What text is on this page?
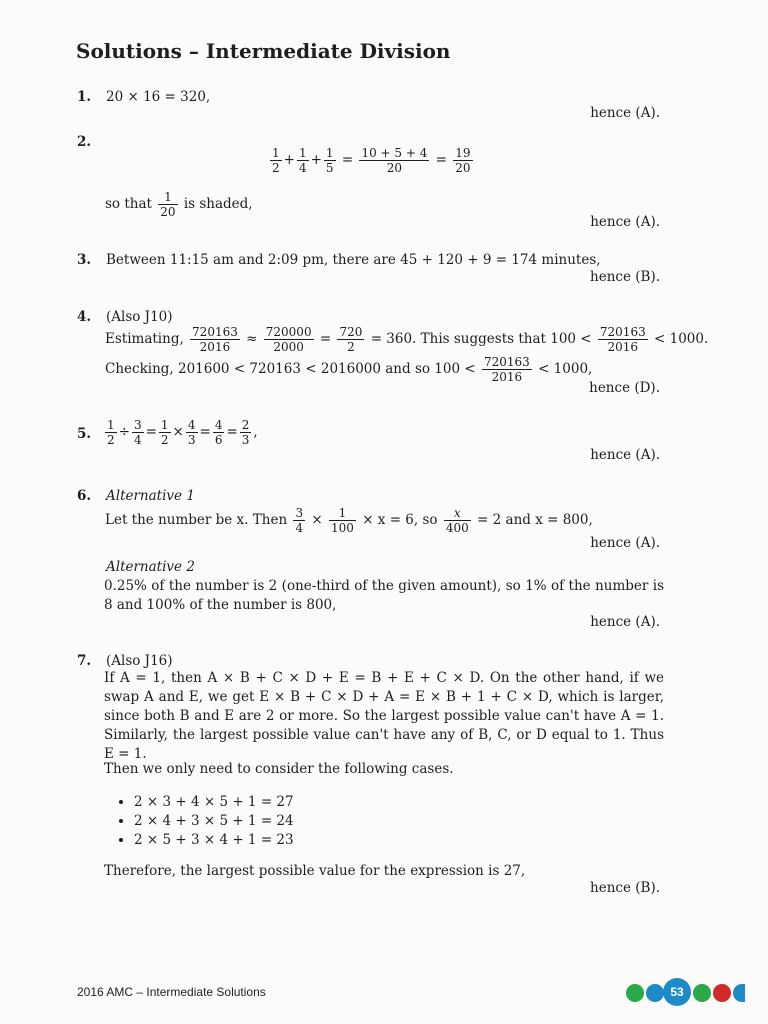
Solutions – Intermediate Division
1. 20 × 16 = 320,
hence (A).
2.
$\frac{1}{2} + \frac{1}{4} + \frac{1}{5} = \frac{10 + 5 + 4}{20} = \frac{19}{20}$
so that $\frac{1}{20}$ is shaded,
hence (A).
3. Between 11:15 am and 2:09 pm, there are 45 + 120 + 9 = 174 minutes,
hence (B).
4. (Also J10)
Estimating, $\frac{720163}{2016} \approx \frac{720000}{2000} = \frac{720}{2} = 360$. This suggests that $100 < \frac{720163}{2016} < 1000$.
Checking, 201600 < 720163 < 2016000 and so $100 < \frac{720163}{2016} < 1000$,
hence (D).
5. $\frac{1}{2} \div \frac{3}{4} = \frac{1}{2} \times \frac{4}{3} = \frac{4}{6} = \frac{2}{3}$ ,
hence (A).
6. Alternative 1
Let the number be x. Then $\frac{3}{4} \times \frac{1}{100} \times x = 6$, so $\frac{x}{400} = 2$ and x = 800,
hence (A).
Alternative 2
0.25% of the number is 2 (one-third of the given amount), so 1% of the number is 8 and 100% of the number is 800,
hence (A).
7. (Also J16)
If A = 1, then A × B + C × D + E = B + E + C × D. On the other hand, if we swap A and E, we get E × B + C × D + A = E × B + 1 + C × D, which is larger, since both B and E are 2 or more. So the largest possible value can't have A = 1. Similarly, the largest possible value can't have any of B, C, or D equal to 1. Thus E = 1.
Then we only need to consider the following cases.
• 2 × 3 + 4 × 5 + 1 = 27
• 2 × 4 + 3 × 5 + 1 = 24
• 2 × 5 + 3 × 4 + 1 = 23
Therefore, the largest possible value for the expression is 27,
hence (B).
2016 AMC – Intermediate Solutions	53
